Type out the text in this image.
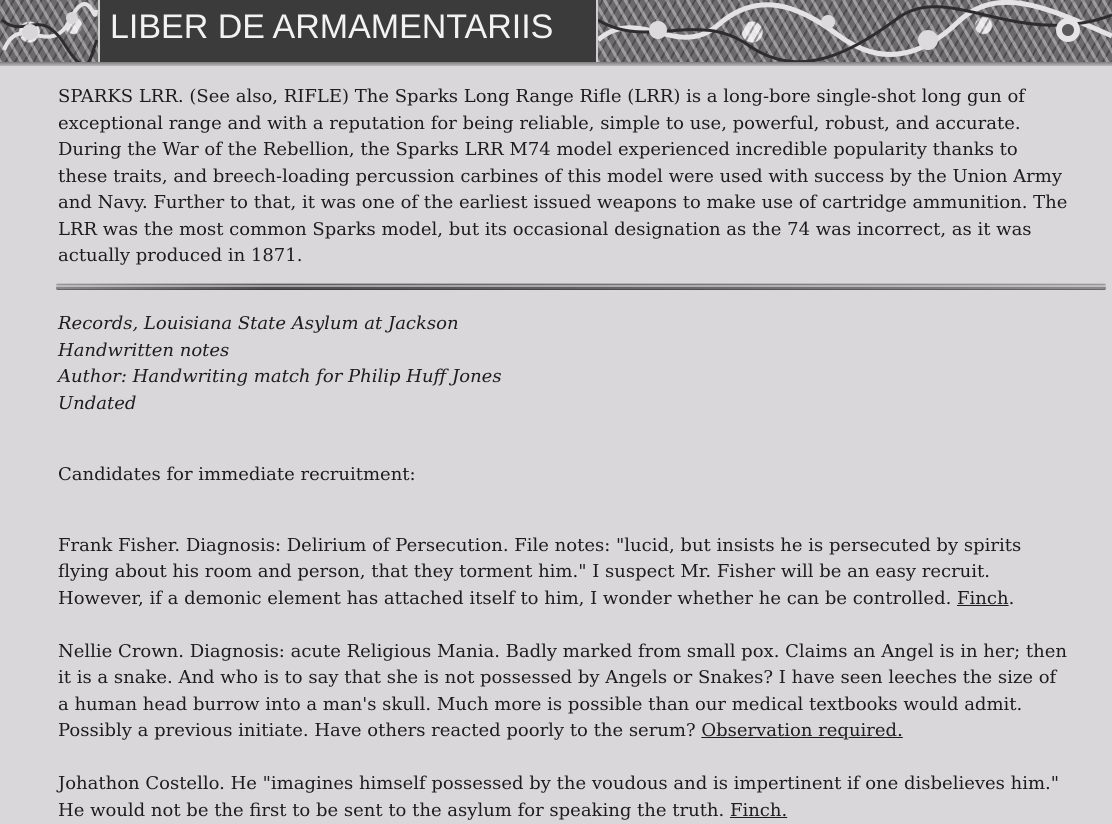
LIBER DE ARMAMENTARIIS

SPARKS LRR. (See also, RIFLE) The Sparks Long Range Rifle (LRR) is a long-bore single-shot long gun of exceptional range and with a reputation for being reliable, simple to use, powerful, robust, and accurate. During the War of the Rebellion, the Sparks LRR M74 model experienced incredible popularity thanks to these traits, and breech-loading percussion carbines of this model were used with success by the Union Army and Navy. Further to that, it was one of the earliest issued weapons to make use of cartridge ammunition. The LRR was the most common Sparks model, but its occasional designation as the 74 was incorrect, as it was actually produced in 1871.

Records, Louisiana State Asylum at Jackson
Handwritten notes
Author: Handwriting match for Philip Huff Jones
Undated

Candidates for immediate recruitment:

Frank Fisher. Diagnosis: Delirium of Persecution. File notes: "lucid, but insists he is persecuted by spirits flying about his room and person, that they torment him." I suspect Mr. Fisher will be an easy recruit. However, if a demonic element has attached itself to him, I wonder whether he can be controlled. Finch.

Nellie Crown. Diagnosis: acute Religious Mania. Badly marked from small pox. Claims an Angel is in her; then it is a snake. And who is to say that she is not possessed by Angels or Snakes? I have seen leeches the size of a human head burrow into a man's skull. Much more is possible than our medical textbooks would admit. Possibly a previous initiate. Have others reacted poorly to the serum? Observation required.

Johathon Costello. He "imagines himself possessed by the voudous and is impertinent if one disbelieves him." He would not be the first to be sent to the asylum for speaking the truth. Finch.
